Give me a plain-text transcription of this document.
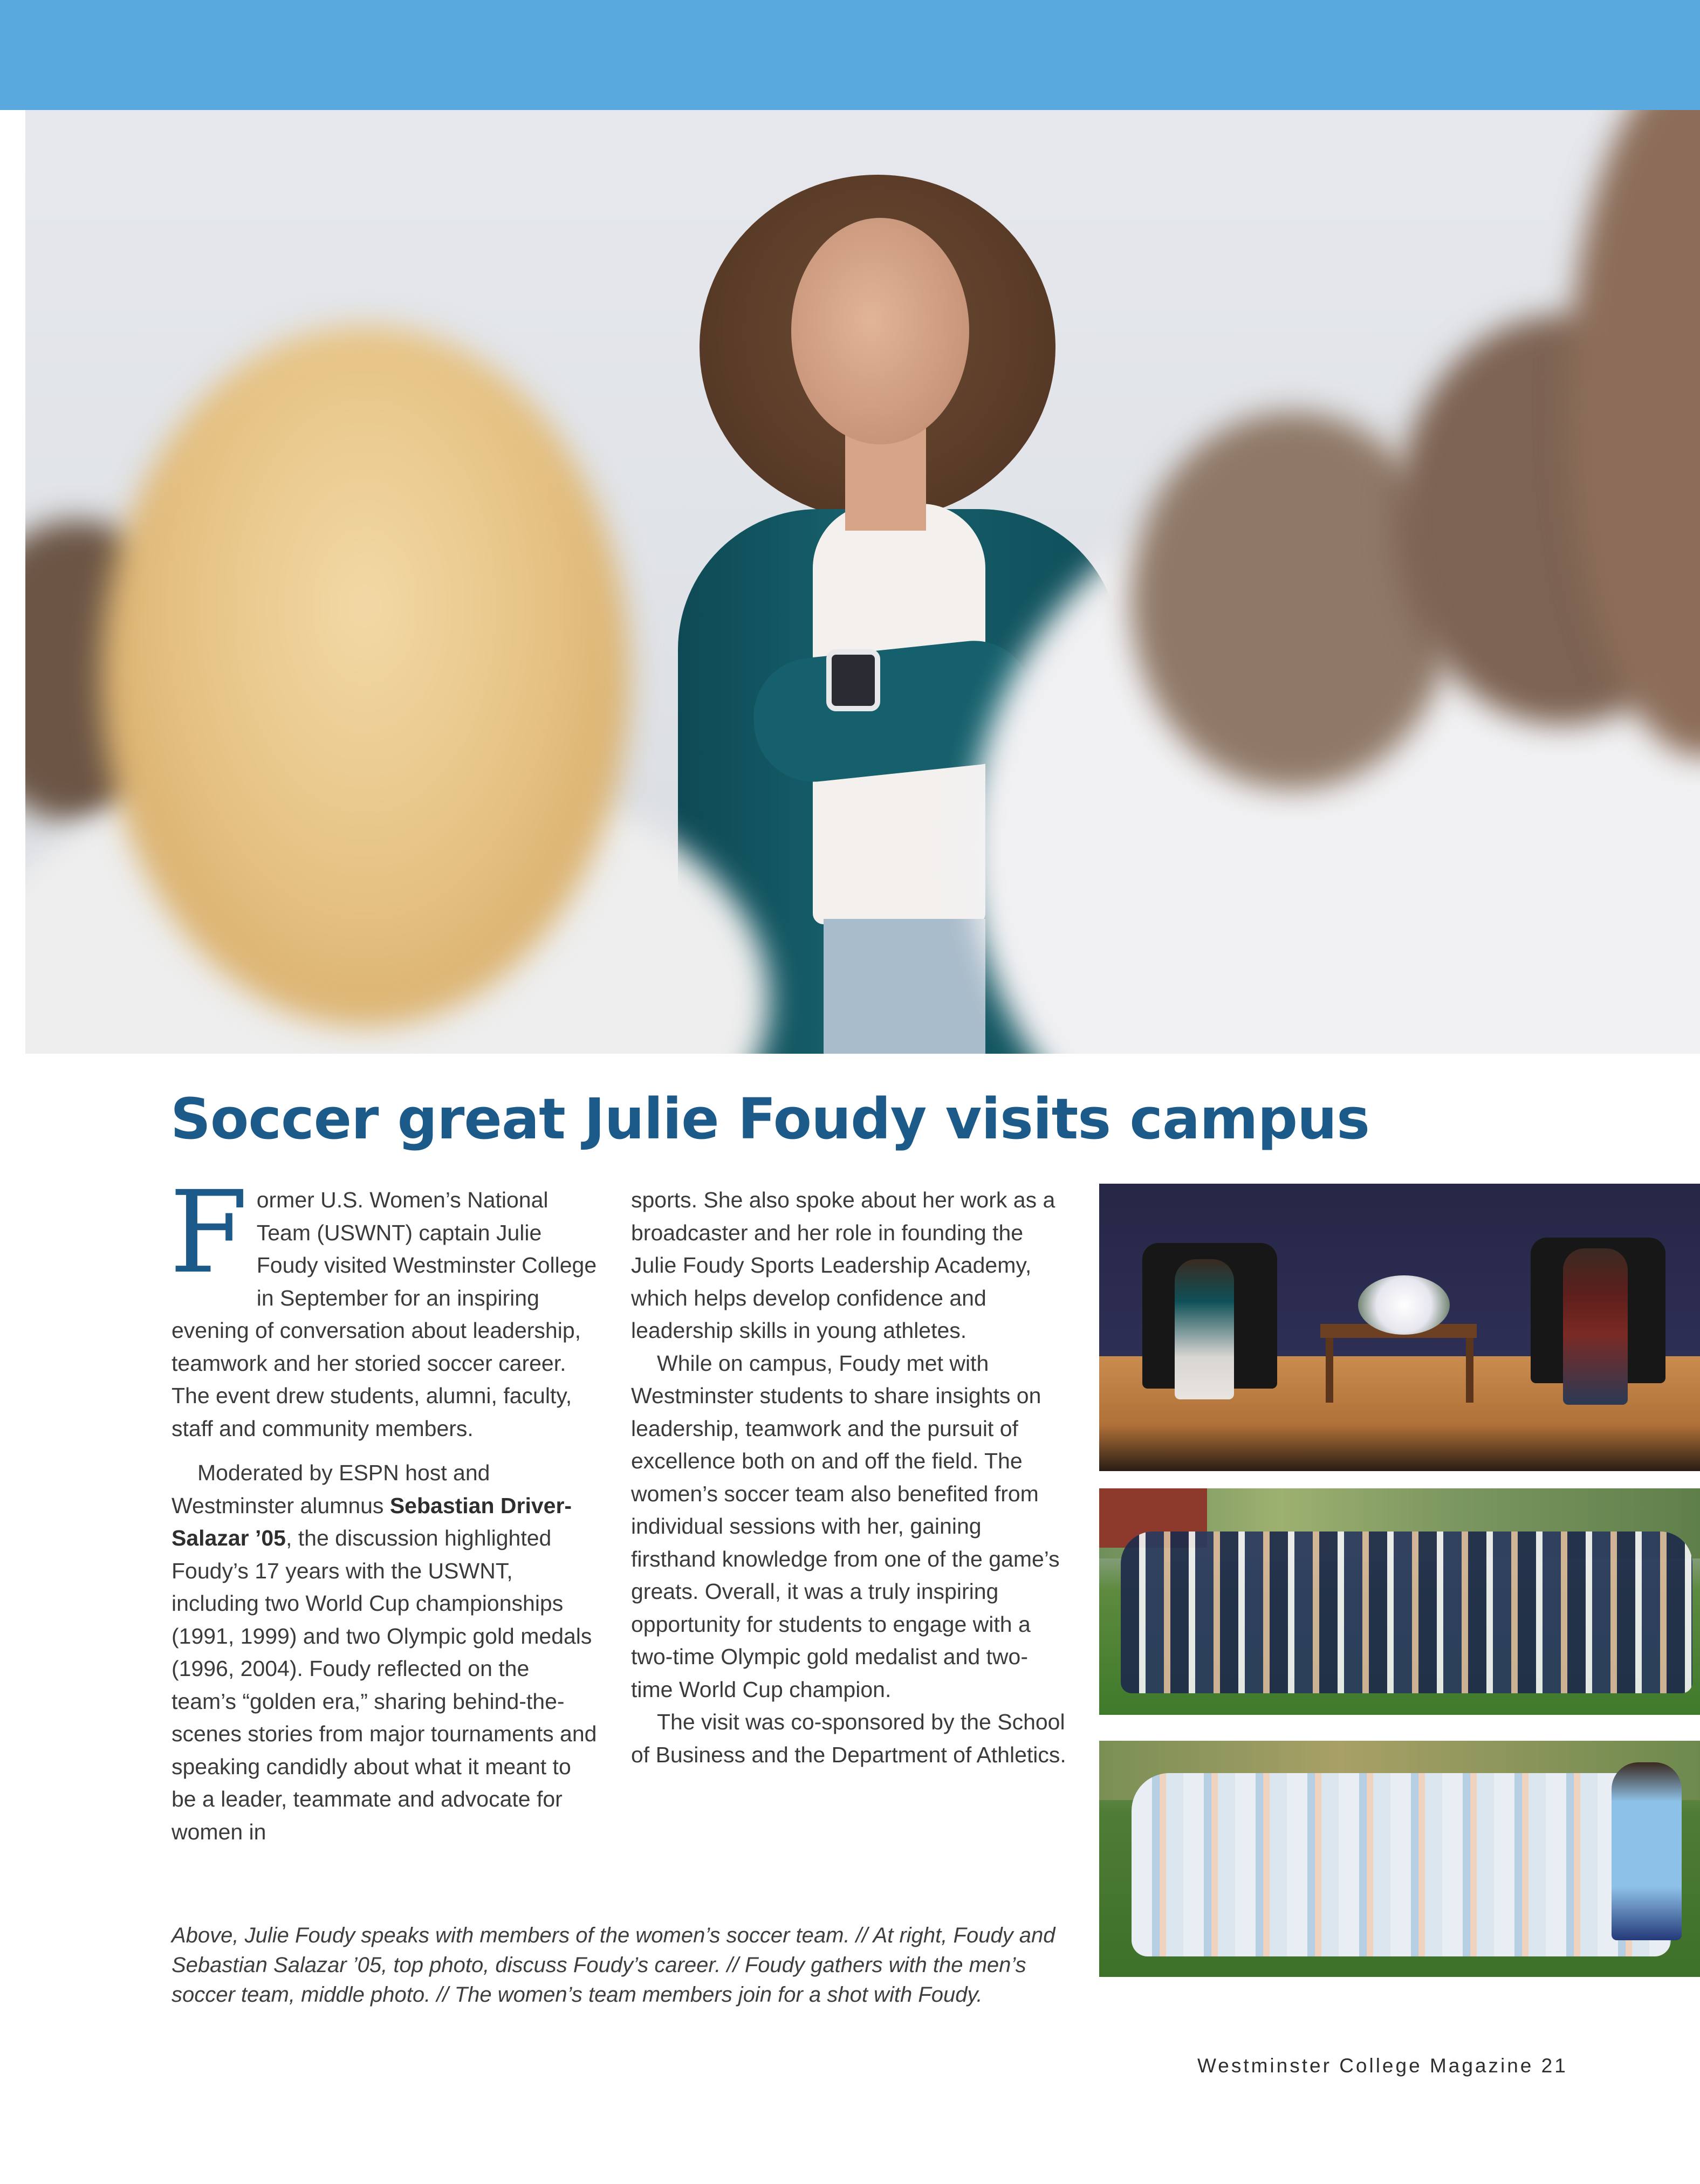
Soccer great Julie Foudy visits campus

Former U.S. Women’s National Team (USWNT) captain Julie Foudy visited Westminster College in September for an inspiring evening of conversation about leadership, teamwork and her storied soccer career. The event drew students, alumni, faculty, staff and community members.

Moderated by ESPN host and Westminster alumnus Sebastian Driver-Salazar ’05, the discussion highlighted Foudy’s 17 years with the USWNT, including two World Cup championships (1991, 1999) and two Olympic gold medals (1996, 2004). Foudy reflected on the team’s “golden era,” sharing behind-the-scenes stories from major tournaments and speaking candidly about what it meant to be a leader, teammate and advocate for women in

sports. She also spoke about her work as a broadcaster and her role in founding the Julie Foudy Sports Leadership Academy, which helps develop confidence and leadership skills in young athletes.

While on campus, Foudy met with Westminster students to share insights on leadership, teamwork and the pursuit of excellence both on and off the field. The women’s soccer team also benefited from individual sessions with her, gaining firsthand knowledge from one of the game’s greats. Overall, it was a truly inspiring opportunity for students to engage with a two-time Olympic gold medalist and two-time World Cup champion.

The visit was co-sponsored by the School of Business and the Department of Athletics.

Above, Julie Foudy speaks with members of the women’s soccer team. // At right, Foudy and Sebastian Salazar ’05, top photo, discuss Foudy’s career. // Foudy gathers with the men’s soccer team, middle photo. // The women’s team members join for a shot with Foudy.

Westminster College Magazine 21
